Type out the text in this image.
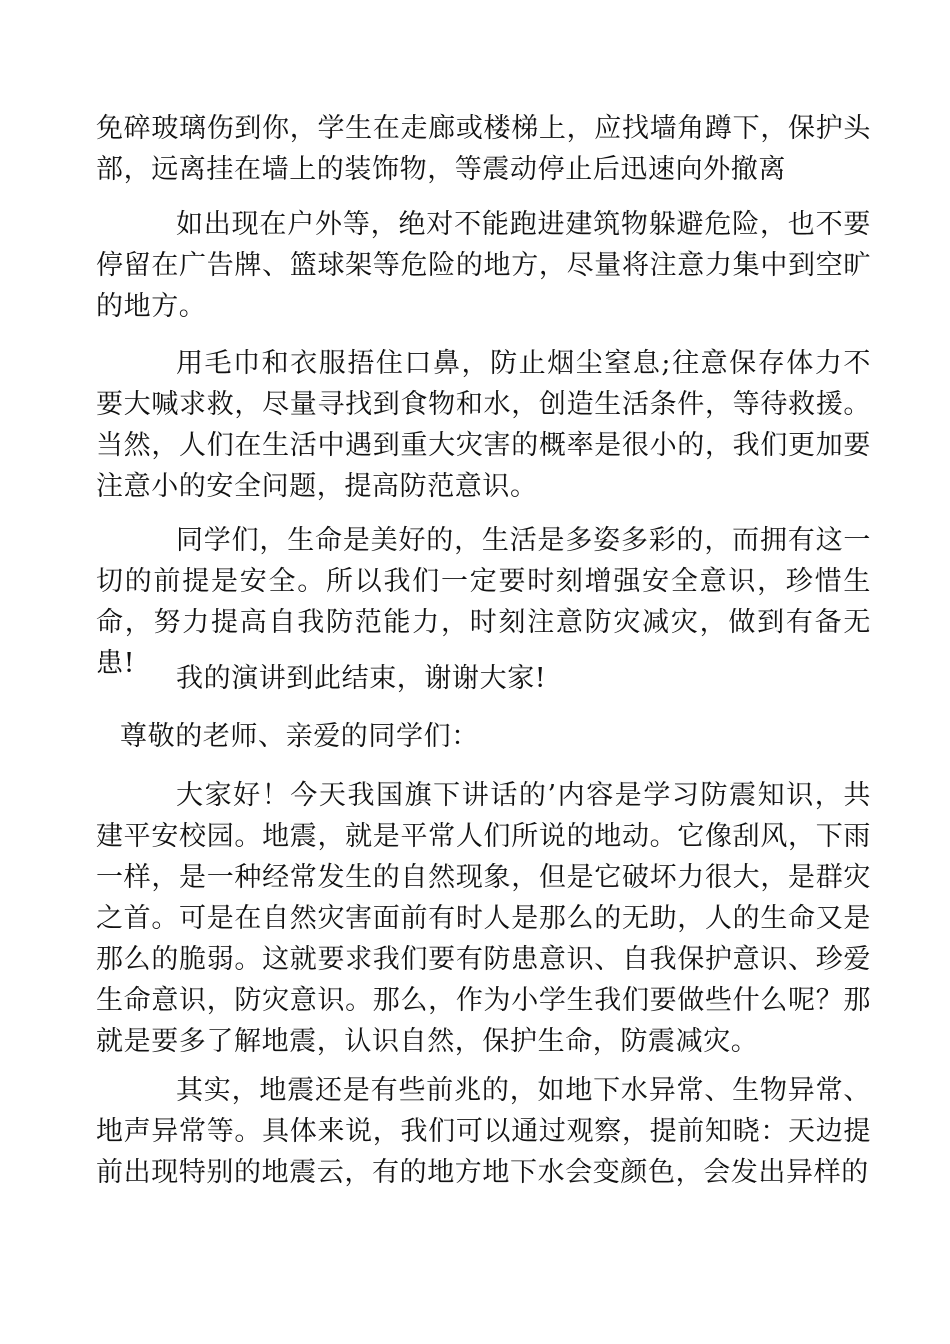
免碎玻璃伤到你，学生在走廊或楼梯上，应找墙角蹲下，保护头部，远离挂在墙上的装饰物，等震动停止后迅速向外撤离

如出现在户外等，绝对不能跑进建筑物躲避危险，也不要停留在广告牌、篮球架等危险的地方，尽量将注意力集中到空旷的地方。

用毛巾和衣服捂住口鼻，防止烟尘窒息;往意保存体力不要大喊求救，尽量寻找到食物和水，创造生活条件，等待救援。当然，人们在生活中遇到重大灾害的概率是很小的，我们更加要注意小的安全问题，提高防范意识。

同学们，生命是美好的，生活是多姿多彩的，而拥有这一切的前提是安全。所以我们一定要时刻增强安全意识，珍惜生命，努力提高自我防范能力，时刻注意防灾减灾，做到有备无患!	我的演讲到此结束，谢谢大家!

尊敬的老师、亲爱的同学们：

大家好！今天我国旗下讲话的’内容是学习防震知识，共建平安校园。地震，就是平常人们所说的地动。它像刮风，下雨一样，是一种经常发生的自然现象，但是它破坏力很大，是群灾之首。可是在自然灾害面前有时人是那么的无助，人的生命又是那么的脆弱。这就要求我们要有防患意识、自我保护意识、珍爱生命意识，防灾意识。那么，作为小学生我们要做些什么呢？那就是要多了解地震，认识自然，保护生命，防震减灾。

其实，地震还是有些前兆的，如地下水异常、生物异常、地声异常等。具体来说，我们可以通过观察，提前知晓：天边提前出现特别的地震云，有的地方地下水会变颜色，会发出异样的
